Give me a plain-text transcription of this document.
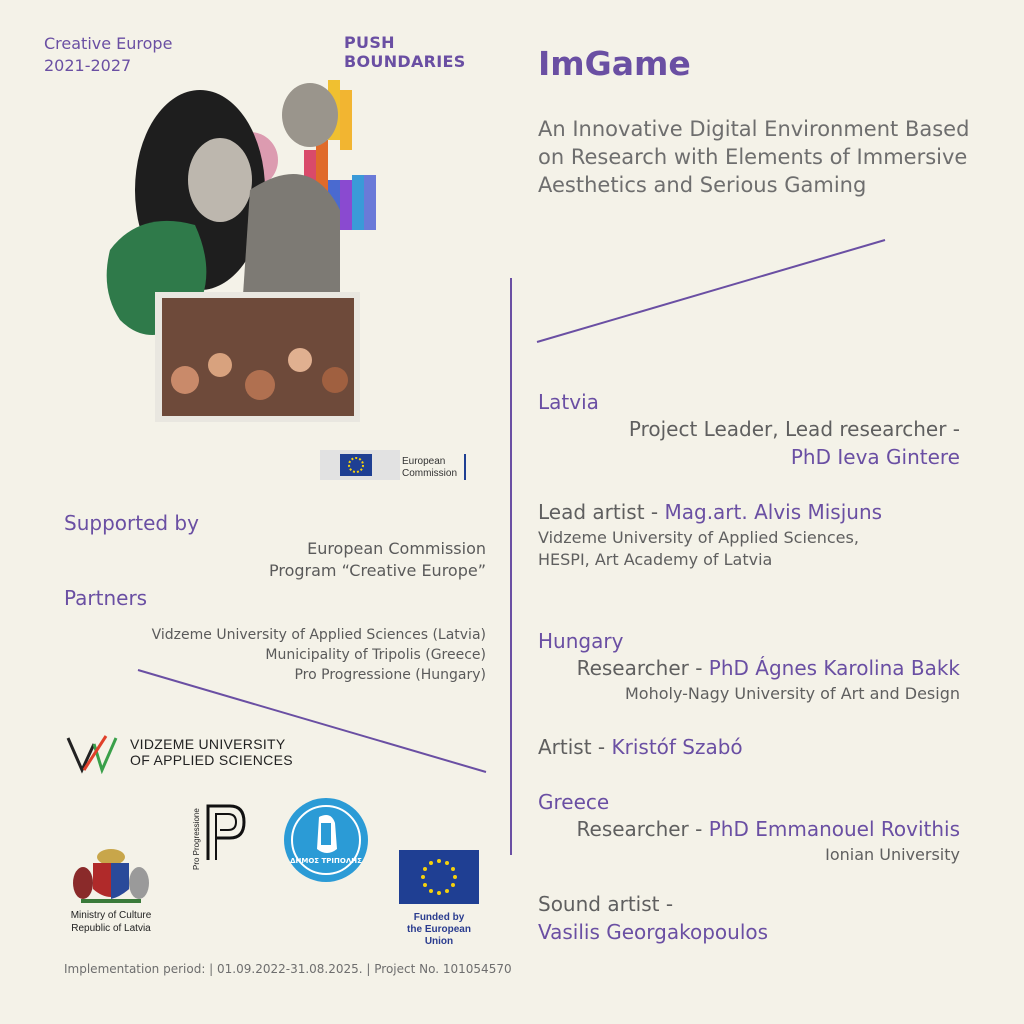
Creative Europe
2021-2027
PUSH
BOUNDARIES ImGame
An Innovative Digital Environment Based on Research with Elements of Immersive Aesthetics and Serious Gaming
European
Commission
Supported by
European Commission
Program “Creative Europe”
Partners
Vidzeme University of Applied Sciences (Latvia)
Municipality of Tripolis (Greece)
Pro Progressione (Hungary)
VIDZEME UNIVERSITY
OF APPLIED SCIENCES
Ministry of Culture
Republic of Latvia
Pro Progressione	ΔΗΜΟΣ ΤΡΙΠΟΛΗΣ
Funded by
the European Union
Implementation period: | 01.09.2022-31.08.2025. | Project No. 101054570
Latvia
Project Leader, Lead researcher -
PhD Ieva Gintere
Lead artist - Mag.art. Alvis Misjuns
Vidzeme University of Applied Sciences,
HESPI, Art Academy of Latvia
Hungary
Researcher - PhD Ágnes Karolina Bakk
Moholy-Nagy University of Art and Design
Artist - Kristóf Szabó
Greece
Researcher - PhD Emmanouel Rovithis
Ionian University
Sound artist -
Vasilis Georgakopoulos
